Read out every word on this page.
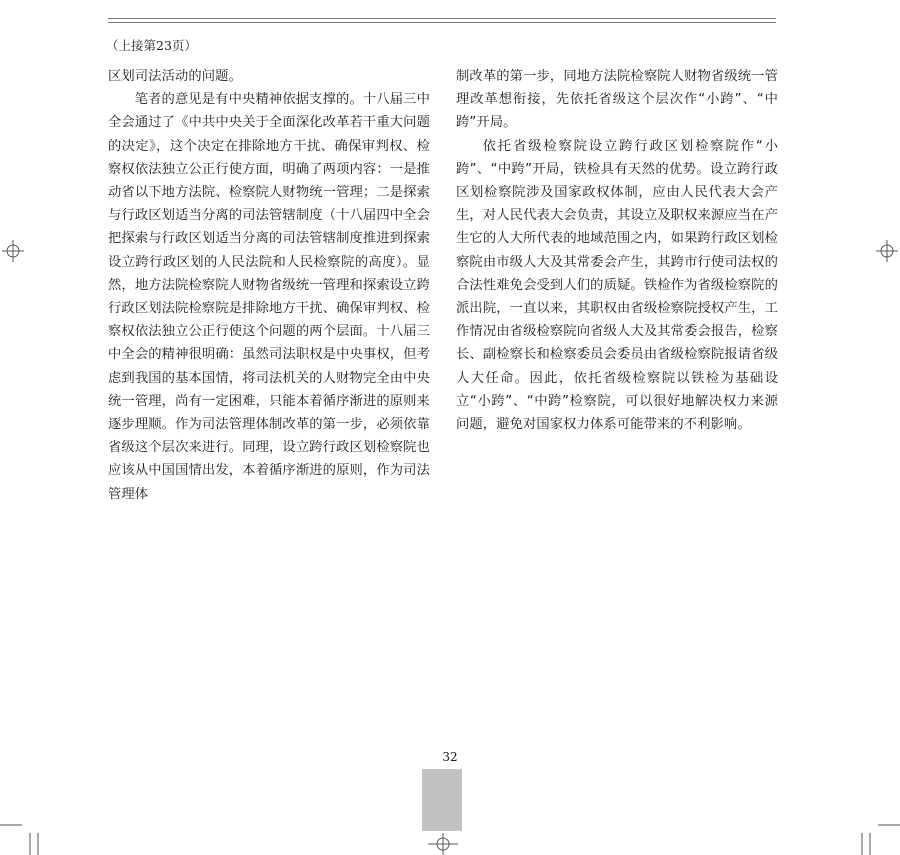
（上接第23页）

区划司法活动的问题。

笔者的意见是有中央精神依据支撑的。十八届三中全会通过了《中共中央关于全面深化改革若干重大问题的决定》，这个决定在排除地方干扰、确保审判权、检察权依法独立公正行使方面，明确了两项内容：一是推动省以下地方法院、检察院人财物统一管理；二是探索与行政区划适当分离的司法管辖制度（十八届四中全会把探索与行政区划适当分离的司法管辖制度推进到探索设立跨行政区划的人民法院和人民检察院的高度）。显然，地方法院检察院人财物省级统一管理和探索设立跨行政区划法院检察院是排除地方干扰、确保审判权、检察权依法独立公正行使这个问题的两个层面。十八届三中全会的精神很明确：虽然司法职权是中央事权，但考虑到我国的基本国情，将司法机关的人财物完全由中央统一管理，尚有一定困难，只能本着循序渐进的原则来逐步理顺。作为司法管理体制改革的第一步，必须依靠省级这个层次来进行。同理，设立跨行政区划检察院也应该从中国国情出发，本着循序渐进的原则，作为司法管理体

制改革的第一步，同地方法院检察院人财物省级统一管理改革想衔接，先依托省级这个层次作“小跨”、“中跨”开局。

依托省级检察院设立跨行政区划检察院作“小跨”、“中跨”开局，铁检具有天然的优势。设立跨行政区划检察院涉及国家政权体制，应由人民代表大会产生，对人民代表大会负责，其设立及职权来源应当在产生它的人大所代表的地域范围之内，如果跨行政区划检察院由市级人大及其常委会产生，其跨市行使司法权的合法性难免会受到人们的质疑。铁检作为省级检察院的派出院，一直以来，其职权由省级检察院授权产生，工作情况由省级检察院向省级人大及其常委会报告，检察长、副检察长和检察委员会委员由省级检察院报请省级人大任命。因此，依托省级检察院以铁检为基础设立“小跨”、“中跨”检察院，可以很好地解决权力来源问题，避免对国家权力体系可能带来的不利影响。

32
